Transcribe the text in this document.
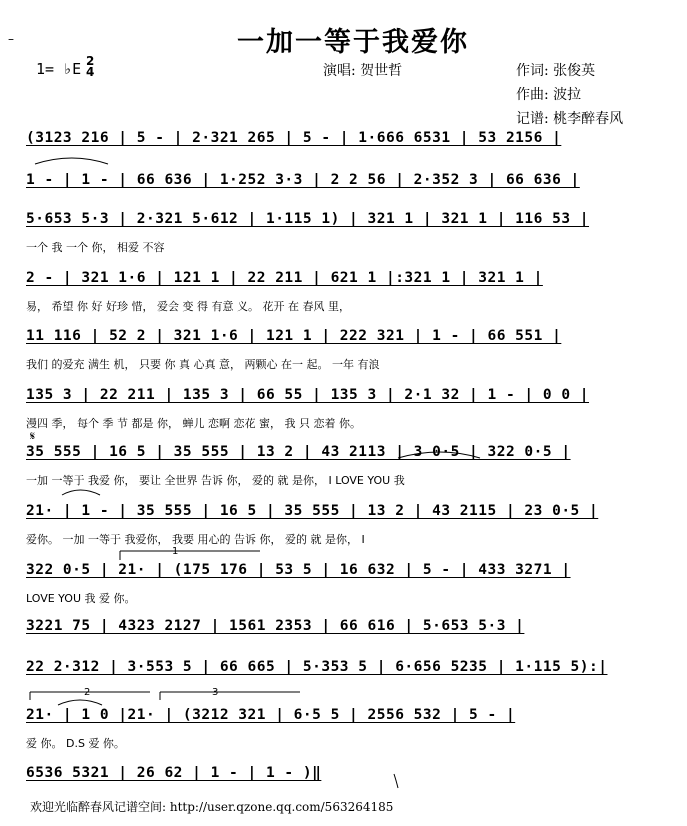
–	一加一等于我爱你
1= ♭E 2
4	演唱: 贺世哲	作词: 张俊英
作曲: 波拉
记谱: 桃李醉春风
(3123 216 | 5 - | 2·321 265 | 5 - | 1·666 6531 | 53 2156 |
1 - | 1 - | 66 636 | 1·252 3·3 | 2 2 56 | 2·352 3 | 66 636 |
5·653 5·3 | 2·321 5·612 | 1·115 1) | 321 1 | 321 1 | 116 53 |
一个 我 一个 你， 相爱 不容
2 - | 321 1·6 | 121 1 | 22 211 | 621 1 |:321 1 | 321 1 |
易， 希望 你 好 好珍 惜， 爱会 变 得 有意 义。 花开 在 春风 里，
11 116 | 52 2 | 321 1·6 | 121 1 | 222 321 | 1 - | 66 551 |
我们 的爱充 满生 机， 只要 你 真 心真 意， 两颗心 在一 起。 一年 有浪
135 3 | 22 211 | 135 3 | 66 55 | 135 3 | 2·1 32 | 1 - | 0 0 |
漫四 季， 每个 季 节 都是 你， 蝉儿 恋啊 恋花 蜜， 我 只 恋着 你。
35 555 | 16 5 | 35 555 | 13 2 | 43 2113 | 3 0·5 | 322 0·5 |
一加 一等于 我爱 你， 要让 全世界 告诉 你， 爱的 就 是你， I LOVE YOU 我
21· | 1 - | 35 555 | 16 5 | 35 555 | 13 2 | 43 2115 | 23 0·5 |
爱你。 一加 一等于 我爱你， 我要 用心的 告诉 你， 爱的 就 是你， I
322 0·5 | 21· | (175 176 | 53 5 | 16 632 | 5 - | 433 3271 |
LOVE YOU 我 爱 你。
3221 75 | 4323 2127 | 1561 2353 | 66 616 | 5·653 5·3 |
22 2·312 | 3·553 5 | 66 665 | 5·353 5 | 6·656 5235 | 1·115 5):|
21· | 1 0 |21· | (3212 321 | 6·5 5 | 2556 532 | 5 - |
爱 你。 D.S 爱 你。
6536 5321 | 26 62 | 1 - | 1 - )‖
1
2	3
𝄋
欢迎光临醉春风记谱空间: http://user.qzone.qq.com/563264185
